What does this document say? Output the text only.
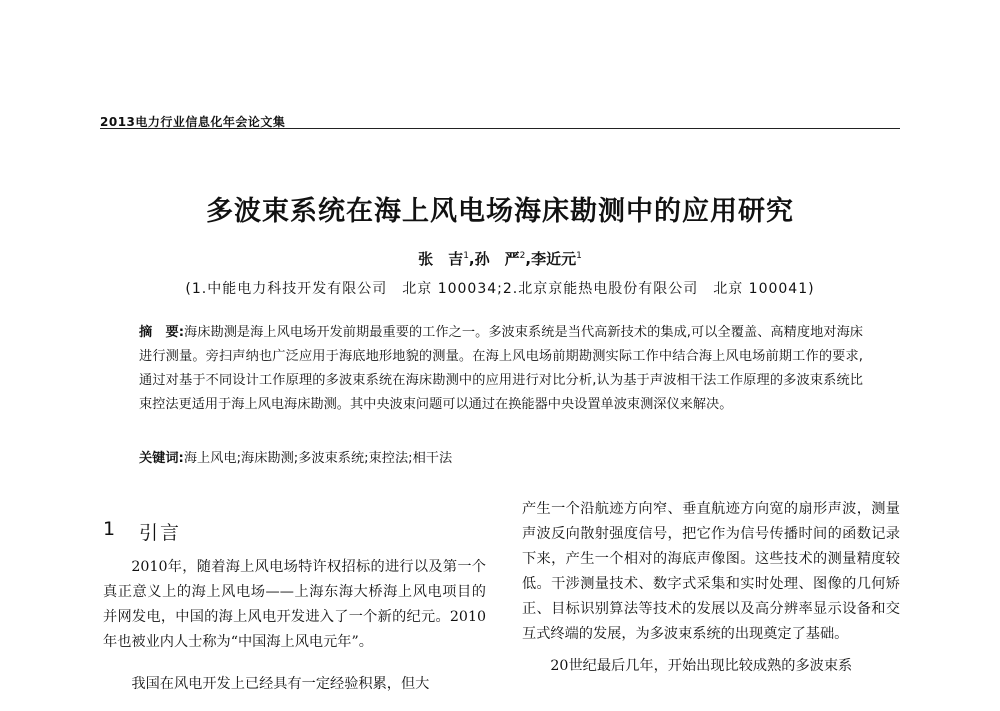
2013电力行业信息化年会论文集
多波束系统在海上风电场海床勘测中的应用研究
张　吉$^1$,孙　严$^2$,李近元$^1$
(1.中能电力科技开发有限公司　北京 100034;2.北京京能热电股份有限公司　北京 100041)
摘　要:海床勘测是海上风电场开发前期最重要的工作之一。多波束系统是当代高新技术的集成,可以全覆盖、高精度地对海床进行测量。旁扫声纳也广泛应用于海底地形地貌的测量。在海上风电场前期勘测实际工作中结合海上风电场前期工作的要求,通过对基于不同设计工作原理的多波束系统在海床勘测中的应用进行对比分析,认为基于声波相干法工作原理的多波束系统比束控法更适用于海上风电海床勘测。其中央波束问题可以通过在换能器中央设置单波束测深仪来解决。
关键词:海上风电;海床勘测;多波束系统;束控法;相干法
1 引言

2010年，随着海上风电场特许权招标的进行以及第一个真正意义上的海上风电场——上海东海大桥海上风电项目的并网发电，中国的海上风电开发进入了一个新的纪元。2010年也被业内人士称为“中国海上风电元年”。

我国在风电开发上已经具有一定经验积累，但大

产生一个沿航迹方向窄、垂直航迹方向宽的扇形声波，测量声波反向散射强度信号，把它作为信号传播时间的函数记录下来，产生一个相对的海底声像图。这些技术的测量精度较低。干涉测量技术、数字式采集和实时处理、图像的几何矫正、目标识别算法等技术的发展以及高分辨率显示设备和交互式终端的发展，为多波束系统的出现奠定了基础。

20世纪最后几年，开始出现比较成熟的多波束系
